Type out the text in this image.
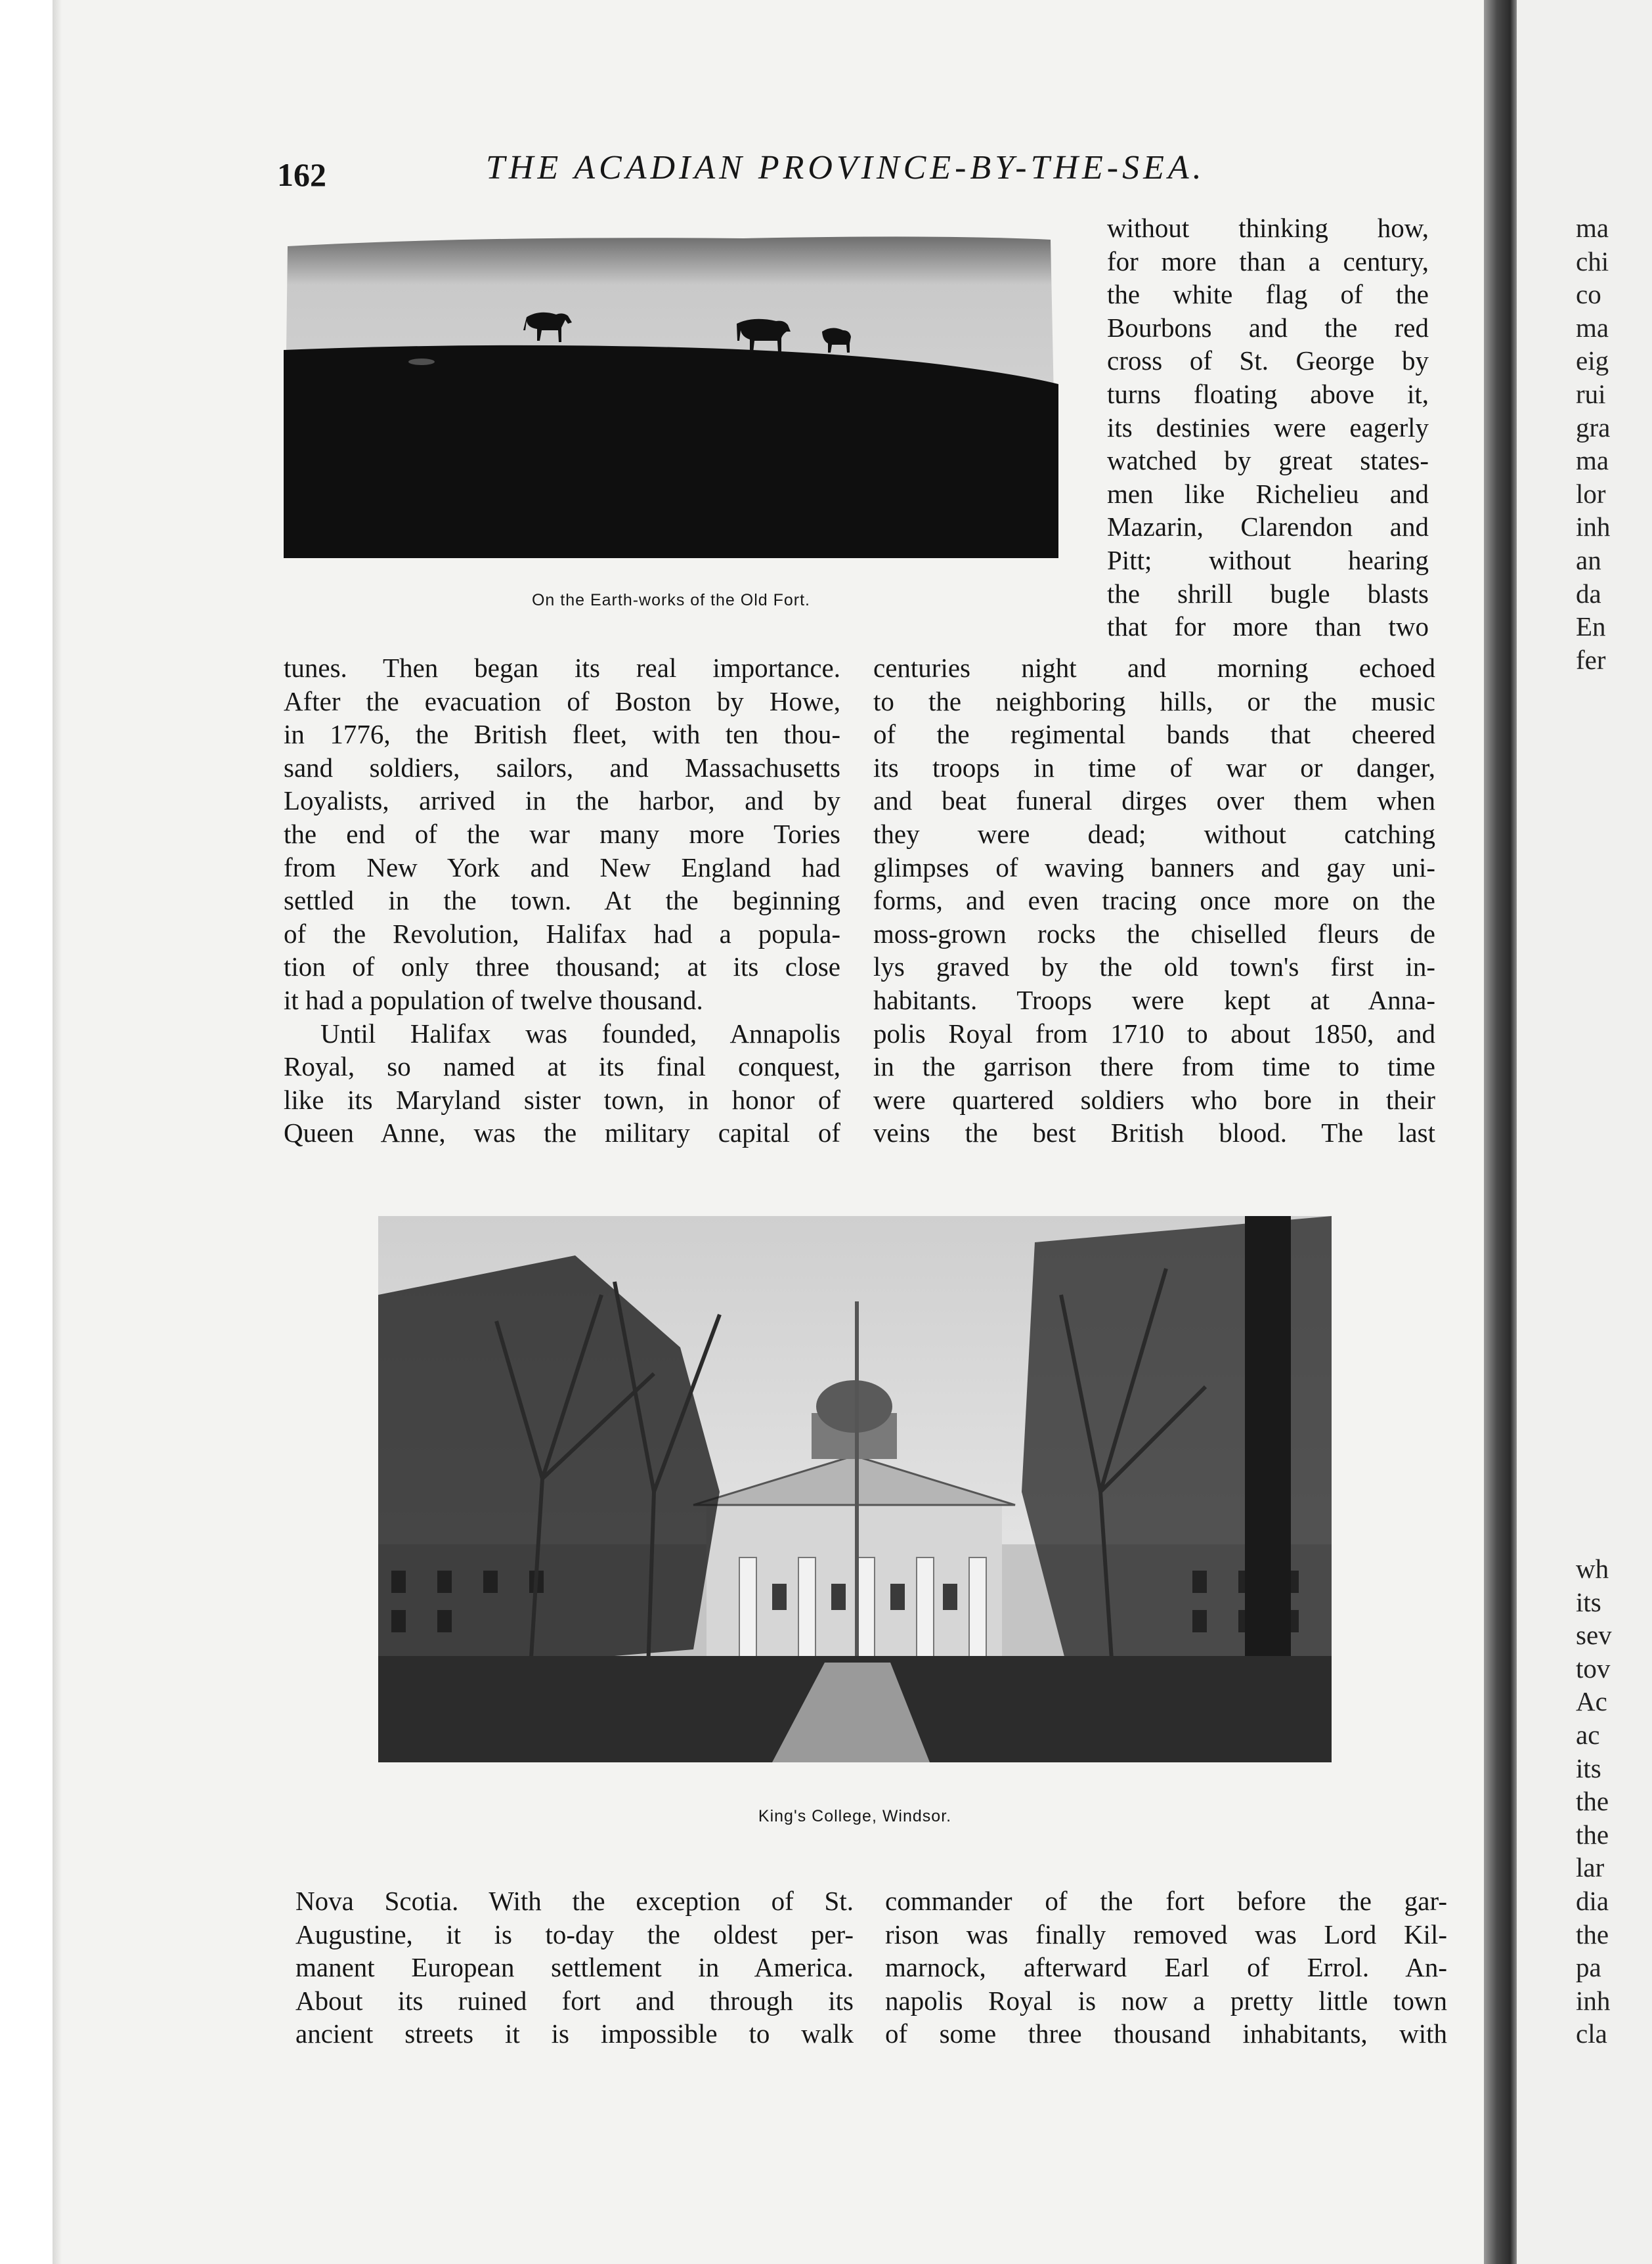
162	THE ACADIAN PROVINCE-BY-THE-SEA.
On the Earth-works of the Old Fort.
without thinking how,
for more than a century,
the white flag of the
Bourbons and the red
cross of St. George by
turns floating above it,
its destinies were eagerly
watched by great states-
men like Richelieu and
Mazarin, Clarendon and
Pitt; without hearing
the shrill bugle blasts
that for more than two
tunes. Then began its real importance.
After the evacuation of Boston by Howe,
in 1776, the British fleet, with ten thou-
sand soldiers, sailors, and Massachusetts
Loyalists, arrived in the harbor, and by
the end of the war many more Tories
from New York and New England had
settled in the town. At the beginning
of the Revolution, Halifax had a popula-
tion of only three thousand; at its close
it had a population of twelve thousand.
Until Halifax was founded, Annapolis
Royal, so named at its final conquest,
like its Maryland sister town, in honor of
Queen Anne, was the military capital of
centuries night and morning echoed
to the neighboring hills, or the music
of the regimental bands that cheered
its troops in time of war or danger,
and beat funeral dirges over them when
they were dead; without catching
glimpses of waving banners and gay uni-
forms, and even tracing once more on the
moss-grown rocks the chiselled fleurs de
lys graved by the old town's first in-
habitants. Troops were kept at Anna-
polis Royal from 1710 to about 1850, and
in the garrison there from time to time
were quartered soldiers who bore in their
veins the best British blood. The last
King's College, Windsor.
Nova Scotia. With the exception of St.
Augustine, it is to-day the oldest per-
manent European settlement in America.
About its ruined fort and through its
ancient streets it is impossible to walk
commander of the fort before the gar-
rison was finally removed was Lord Kil-
marnock, afterward Earl of Errol. An-
napolis Royal is now a pretty little town
of some three thousand inhabitants, with
ma
chi
co
ma
eig
rui
gra
ma
lor
inh
an
da
En
fer
wh
its
sev
tov
Ac
ac
its
the
the
lar
dia
the
pa
inh
cla
